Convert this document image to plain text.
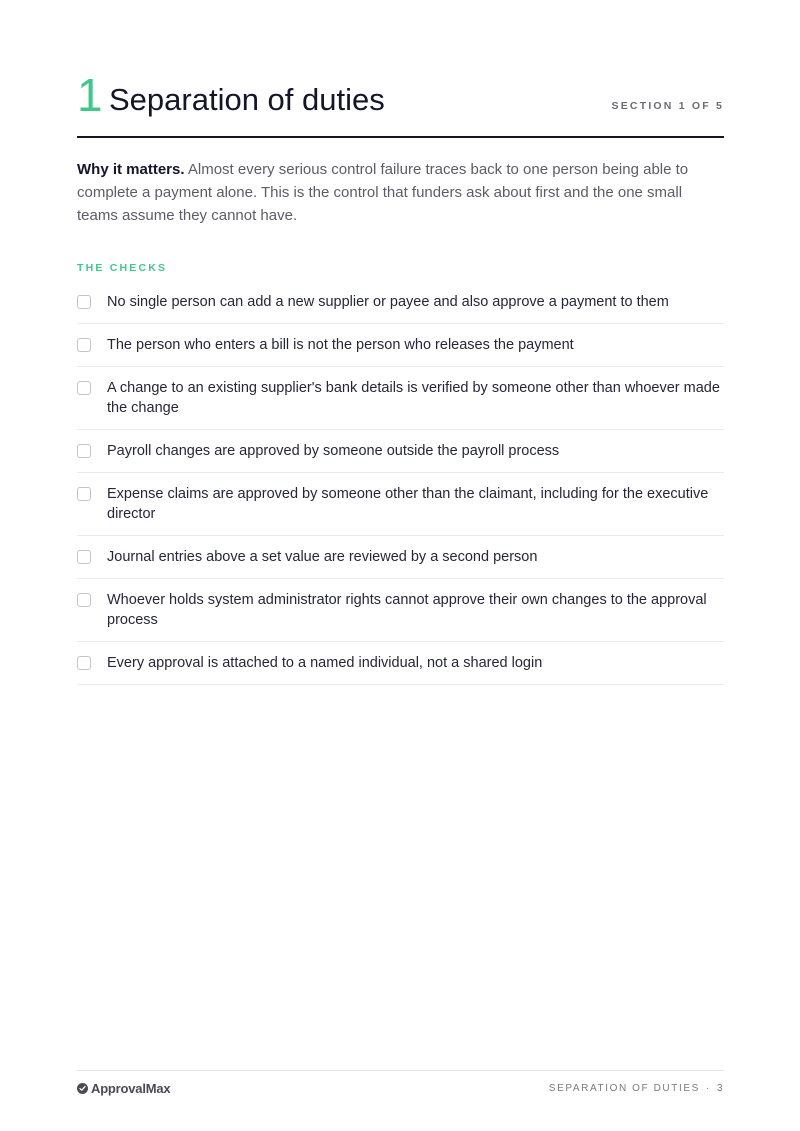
1 Separation of duties	SECTION 1 OF 5

Why it matters. Almost every serious control failure traces back to one person being able to complete a payment alone. This is the control that funders ask about first and the one small teams assume they cannot have.

THE CHECKS
No single person can add a new supplier or payee and also approve a payment to them
The person who enters a bill is not the person who releases the payment
A change to an existing supplier's bank details is verified by someone other than whoever made the change
Payroll changes are approved by someone outside the payroll process
Expense claims are approved by someone other than the claimant, including for the executive director
Journal entries above a set value are reviewed by a second person
Whoever holds system administrator rights cannot approve their own changes to the approval process
Every approval is attached to a named individual, not a shared login
ApprovalMax	SEPARATION OF DUTIES · 3
